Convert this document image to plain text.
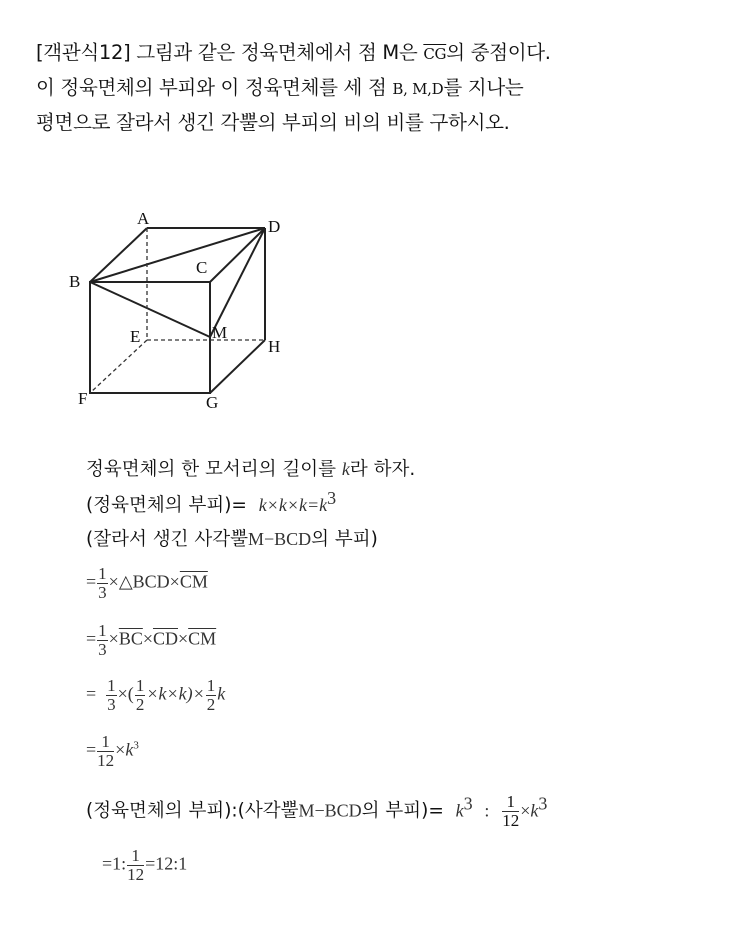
[객관식12] 그림과 같은 정육면체에서 점 M은 $\overline{CG}$의 중점이다.
이 정육면체의 부피와 이 정육면체를 세 점 B, M,D를 지나는
평면으로 잘라서 생긴 각뿔의 부피의 비의 비를 구하시오.
A	D
C
B
E	M
H
F	G
정육면체의 한 모서리의 길이를 k라 하자.
(정육면체의 부피)= $k\times k\times k=k^3$
(잘라서 생긴 사각뿔M−BCD의 부피)
= $\frac{1}{3}$ $\times\triangle BCD\times\overline{CM}$
= $\frac{1}{3} \times\overline{BC}\times\overline{CD}\times\overline{CM}$
= $\frac{1}{3}$ ×( $\frac{1}{2} \times k\times k)\times \frac{1}{2}$ k
= $\frac{1}{12} \times k^3$
(정육면체의 부피):(사각뿔M−BCD의 부피)= $k^3$ : $\frac{1}{12} \times k^3$
=1: $\frac{1}{12}$ =12:1
